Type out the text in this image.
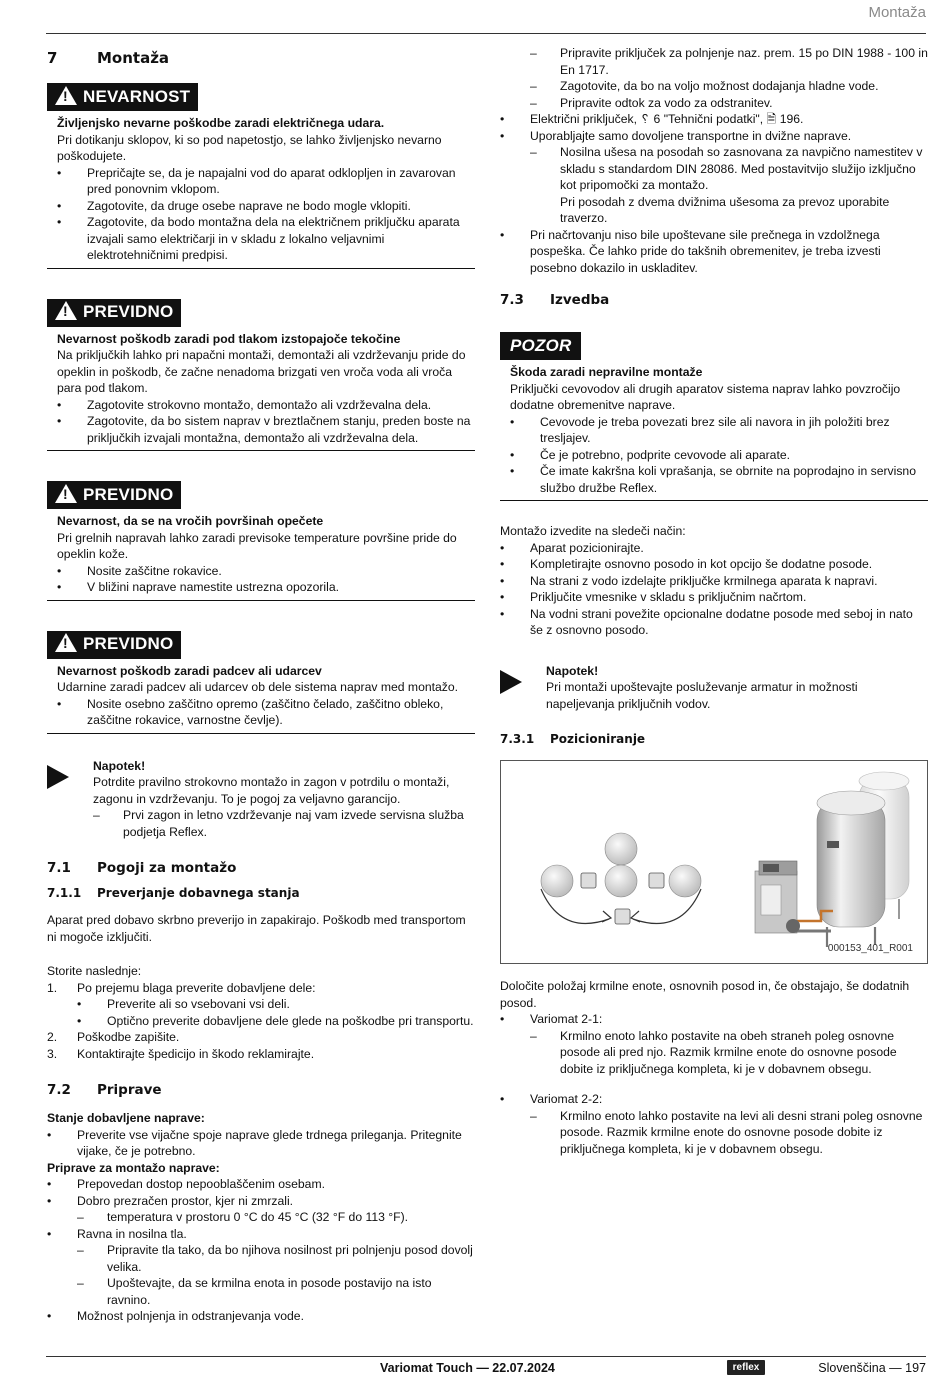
Montaža
7	Montaža
!
NEVARNOST
Življenjsko nevarne poškodbe zaradi električnega udara.

Pri dotikanju sklopov, ki so pod napetostjo, se lahko življenjsko nevarno poškodujete.

•	Prepričajte se, da je napajalni vod do aparat odklopljen in zavarovan pred ponovnim vklopom.
•	Zagotovite, da druge osebe naprave ne bodo mogle vklopiti.
•	Zagotovite, da bodo montažna dela na električnem priključku aparata izvajali samo električarji in v skladu z lokalno veljavnimi elektrotehničnimi predpisi.
!
PREVIDNO
Nevarnost poškodb zaradi pod tlakom izstopajoče tekočine

Na priključkih lahko pri napačni montaži, demontaži ali vzdrževanju pride do opeklin in poškodb, če začne nenadoma brizgati ven vroča voda ali vroča para pod tlakom.

•	Zagotovite strokovno montažo, demontažo ali vzdrževalna dela.
•	Zagotovite, da bo sistem naprav v breztlačnem stanju, preden boste na priključkih izvajali montažna, demontažo ali vzdrževalna dela.
!
PREVIDNO
Nevarnost, da se na vročih površinah opečete

Pri grelnih napravah lahko zaradi previsoke temperature površine pride do opeklin kože.

•	Nosite zaščitne rokavice.
•	V bližini naprave namestite ustrezna opozorila.
!
PREVIDNO
Nevarnost poškodb zaradi padcev ali udarcev

Udarnine zaradi padcev ali udarcev ob dele sistema naprav med montažo.

•	Nosite osebno zaščitno opremo (zaščitno čelado, zaščitno obleko, zaščitne rokavice, varnostne čevlje).
Napotek!

Potrdite pravilno strokovno montažo in zagon v potrdilu o montaži, zagonu in vzdrževanju. To je pogoj za veljavno garancijo.

–	Prvi zagon in letno vzdrževanje naj vam izvede servisna služba podjetja Reflex.
7.1	Pogoji za montažo
7.1.1	Preverjanje dobavnega stanja

Aparat pred dobavo skrbno preverijo in zapakirajo. Poškodb med transportom ni mogoče izključiti.

Storite naslednje:

1.	Po prejemu blaga preverite dobavljene dele:
•	Preverite ali so vsebovani vsi deli.
•	Optično preverite dobavljene dele glede na poškodbe pri transportu.
2.	Poškodbe zapišite.
3.	Kontaktirajte špedicijo in škodo reklamirajte.
7.2	Priprave
Stanje dobavljene naprave:
•	Preverite vse vijačne spoje naprave glede trdnega prileganja. Pritegnite vijake, če je potrebno.
Priprave za montažo naprave:
•	Prepovedan dostop nepooblaščenim osebam.
•	Dobro prezračen prostor, kjer ni zmrzali.
–	temperatura v prostoru 0 °C do 45 °C (32 °F do 113 °F).
•	Ravna in nosilna tla.
–	Pripravite tla tako, da bo njihova nosilnost pri polnjenju posod dovolj velika.
–	Upoštevajte, da se krmilna enota in posode postavijo na isto ravnino.
•	Možnost polnjenja in odstranjevanja vode.
–	Pripravite priključek za polnjenje naz. prem. 15 po DIN 1988 - 100 in En 1717.
–	Zagotovite, da bo na voljo možnost dodajanja hladne vode.
–	Pripravite odtok za vodo za odstranitev.
•	Električni priključek, ␦ 6 "Tehnični podatki", 🗎 196.
•	Uporabljajte samo dovoljene transportne in dvižne naprave.
–	Nosilna ušesa na posodah so zasnovana za navpično namestitev v skladu s standardom DIN 28086. Med postavitvijo služijo izključno kot pripomočki za montažo.
Pri posodah z dvema dvižnima ušesoma za prevoz uporabite traverzo.
•	Pri načrtovanju niso bile upoštevane sile prečnega in vzdolžnega pospeška. Če lahko pride do takšnih obremenitev, je treba izvesti posebno dokazilo in uskladitev.
7.3	Izvedba
POZOR
Škoda zaradi nepravilne montaže

Priključki cevovodov ali drugih aparatov sistema naprav lahko povzročijo dodatne obremenitve naprave.

•	Cevovode je treba povezati brez sile ali navora in jih položiti brez tresljajev.
•	Če je potrebno, podprite cevovode ali aparate.
•	Če imate kakršna koli vprašanja, se obrnite na poprodajno in servisno službo družbe Reflex.

Montažo izvedite na sledeči način:

•	Aparat pozicionirajte.
•	Kompletirajte osnovno posodo in kot opcijo še dodatne posode.
•	Na strani z vodo izdelajte priključke krmilnega aparata k napravi.
•	Priključite vmesnike v skladu s priključnim načrtom.
•	Na vodni strani povežite opcionalne dodatne posode med seboj in nato še z osnovno posodo.
Napotek!

Pri montaži upoštevajte posluževanje armatur in možnosti napeljevanja priključnih vodov.

7.3.1	Pozicioniranje
000153_401_R001

Določite položaj krmilne enote, osnovnih posod in, če obstajajo, še dodatnih posod.

•	Variomat 2-1:
–	Krmilno enoto lahko postavite na obeh straneh poleg osnovne posode ali pred njo. Razmik krmilne enote do osnovne posode dobite iz priključnega kompleta, ki je v dobavnem obsegu.
•	Variomat 2-2:
–	Krmilno enoto lahko postavite na levi ali desni strani poleg osnovne posode. Razmik krmilne enote do osnovne posode dobite iz priključnega kompleta, ki je v dobavnem obsegu.
Variomat Touch — 22.07.2024	reflex	Slovenščina — 197
